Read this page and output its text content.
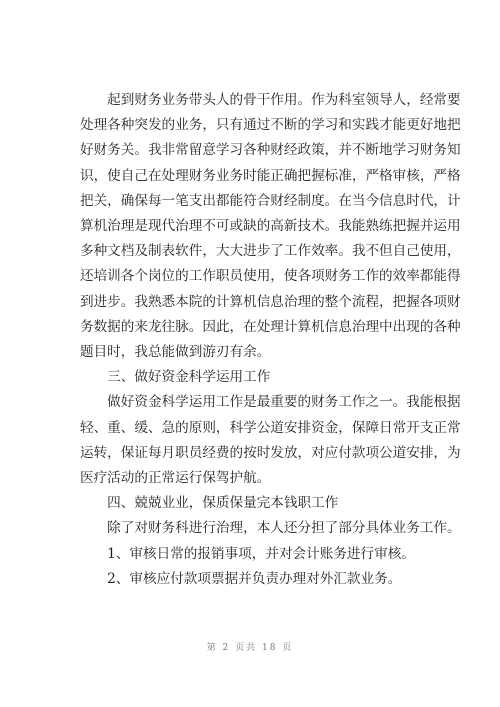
　　起到财务业务带头人的骨干作用。作为科室领导人，经常要

处理各种突发的业务，只有通过不断的学习和实践才能更好地把

好财务关。我非常留意学习各种财经政策，并不断地学习财务知

识，使自己在处理财务业务时能正确把握标准，严格审核，严格

把关，确保每一笔支出都能符合财经制度。在当今信息时代，计

算机治理是现代治理不可或缺的高新技术。我能熟练把握并运用

多种文档及制表软件，大大进步了工作效率。我不但自己使用，

还培训各个岗位的工作职员使用，使各项财务工作的效率都能得

到进步。我熟悉本院的计算机信息治理的整个流程，把握各项财

务数据的来龙往脉。因此，在处理计算机信息治理中出现的各种

题目时，我总能做到游刃有余。

　　三、做好资金科学运用工作

　　做好资金科学运用工作是最重要的财务工作之一。我能根据

轻、重、缓、急的原则，科学公道安排资金，保障日常开支正常

运转，保证每月职员经费的按时发放，对应付款项公道安排，为

医疗活动的正常运行保驾护航。

　　四、兢兢业业，保质保量完本钱职工作

　　除了对财务科进行治理，本人还分担了部分具体业务工作。

　　1、审核日常的报销事项，并对会计账务进行审核。

　　2、审核应付款项票据并负责办理对外汇款业务。

第 2 页共 18 页
